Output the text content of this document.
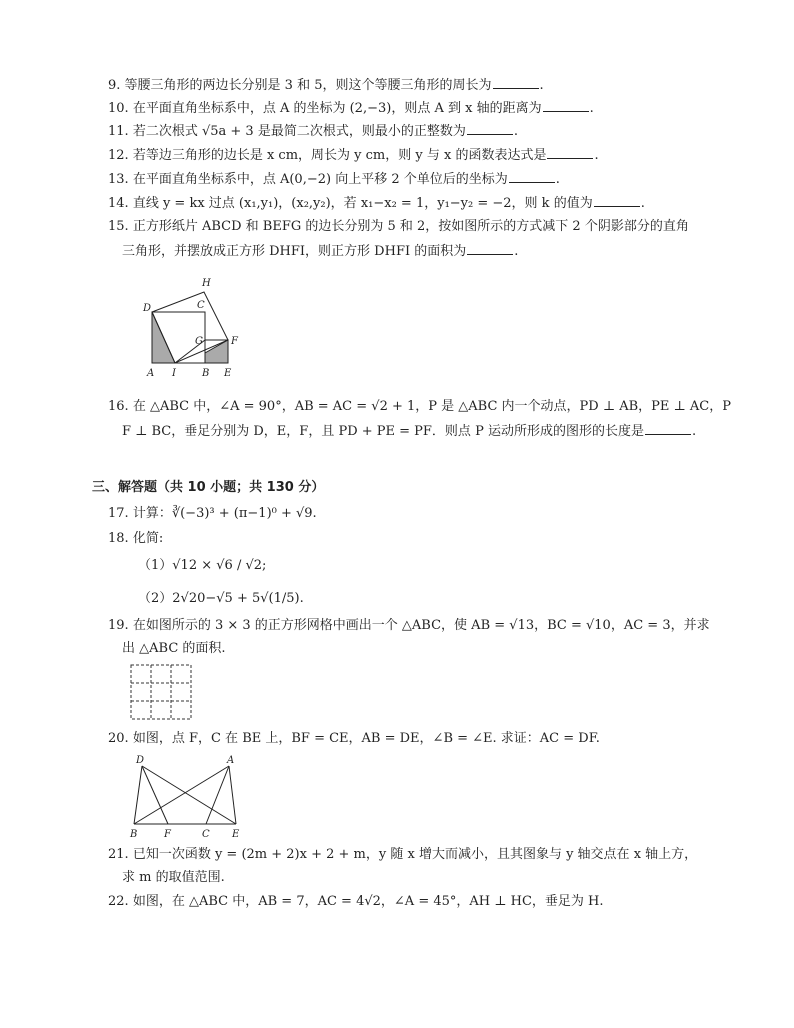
9. 等腰三角形的两边长分别是 3 和 5，则这个等腰三角形的周长为	.
10. 在平面直角坐标系中，点 A 的坐标为 (2,−3)，则点 A 到 x 轴的距离为	.
11. 若二次根式 √5a + 3 是最简二次根式，则最小的正整数为	.
12. 若等边三角形的边长是 x cm，周长为 y cm，则 y 与 x 的函数表达式是	.
13. 在平面直角坐标系中，点 A(0,−2) 向上平移 2 个单位后的坐标为	.
14. 直线 y = kx 过点 (x₁,y₁)，(x₂,y₂)，若 x₁−x₂ = 1，y₁−y₂ = −2，则 k 的值为	.
15. 正方形纸片 ABCD 和 BEFG 的边长分别为 5 和 2，按如图所示的方式减下 2 个阴影部分的直角
三角形，并摆放成正方形 DHFI，则正方形 DHFI 的面积为	.
D
H
C
G	F
A I	B E
16. 在 △ABC 中，∠A = 90°，AB = AC = √2 + 1，P 是 △ABC 内一个动点，PD ⊥ AB，PE ⊥ AC，P
F ⊥ BC，垂足分别为 D，E，F，且 PD + PE = PF．则点 P 运动所形成的图形的长度是	.
三、解答题（共 10 小题；共 130 分）
17. 计算：∛(−3)³ + (π−1)⁰ + √9.
18. 化简:
（1）√12 × √6 / √2;
（2）2√20−√5 + 5√(1/5).
19. 在如图所示的 3 × 3 的正方形网格中画出一个 △ABC，使 AB = √13，BC = √10，AC = 3，并求
出 △ABC 的面积.
20. 如图，点 F，C 在 BE 上，BF = CE，AB = DE，∠B = ∠E. 求证：AC = DF.
D	A
B	F	C E
21. 已知一次函数 y = (2m + 2)x + 2 + m，y 随 x 增大而减小，且其图象与 y 轴交点在 x 轴上方，
求 m 的取值范围.
22. 如图，在 △ABC 中，AB = 7，AC = 4√2，∠A = 45°，AH ⊥ HC，垂足为 H.
